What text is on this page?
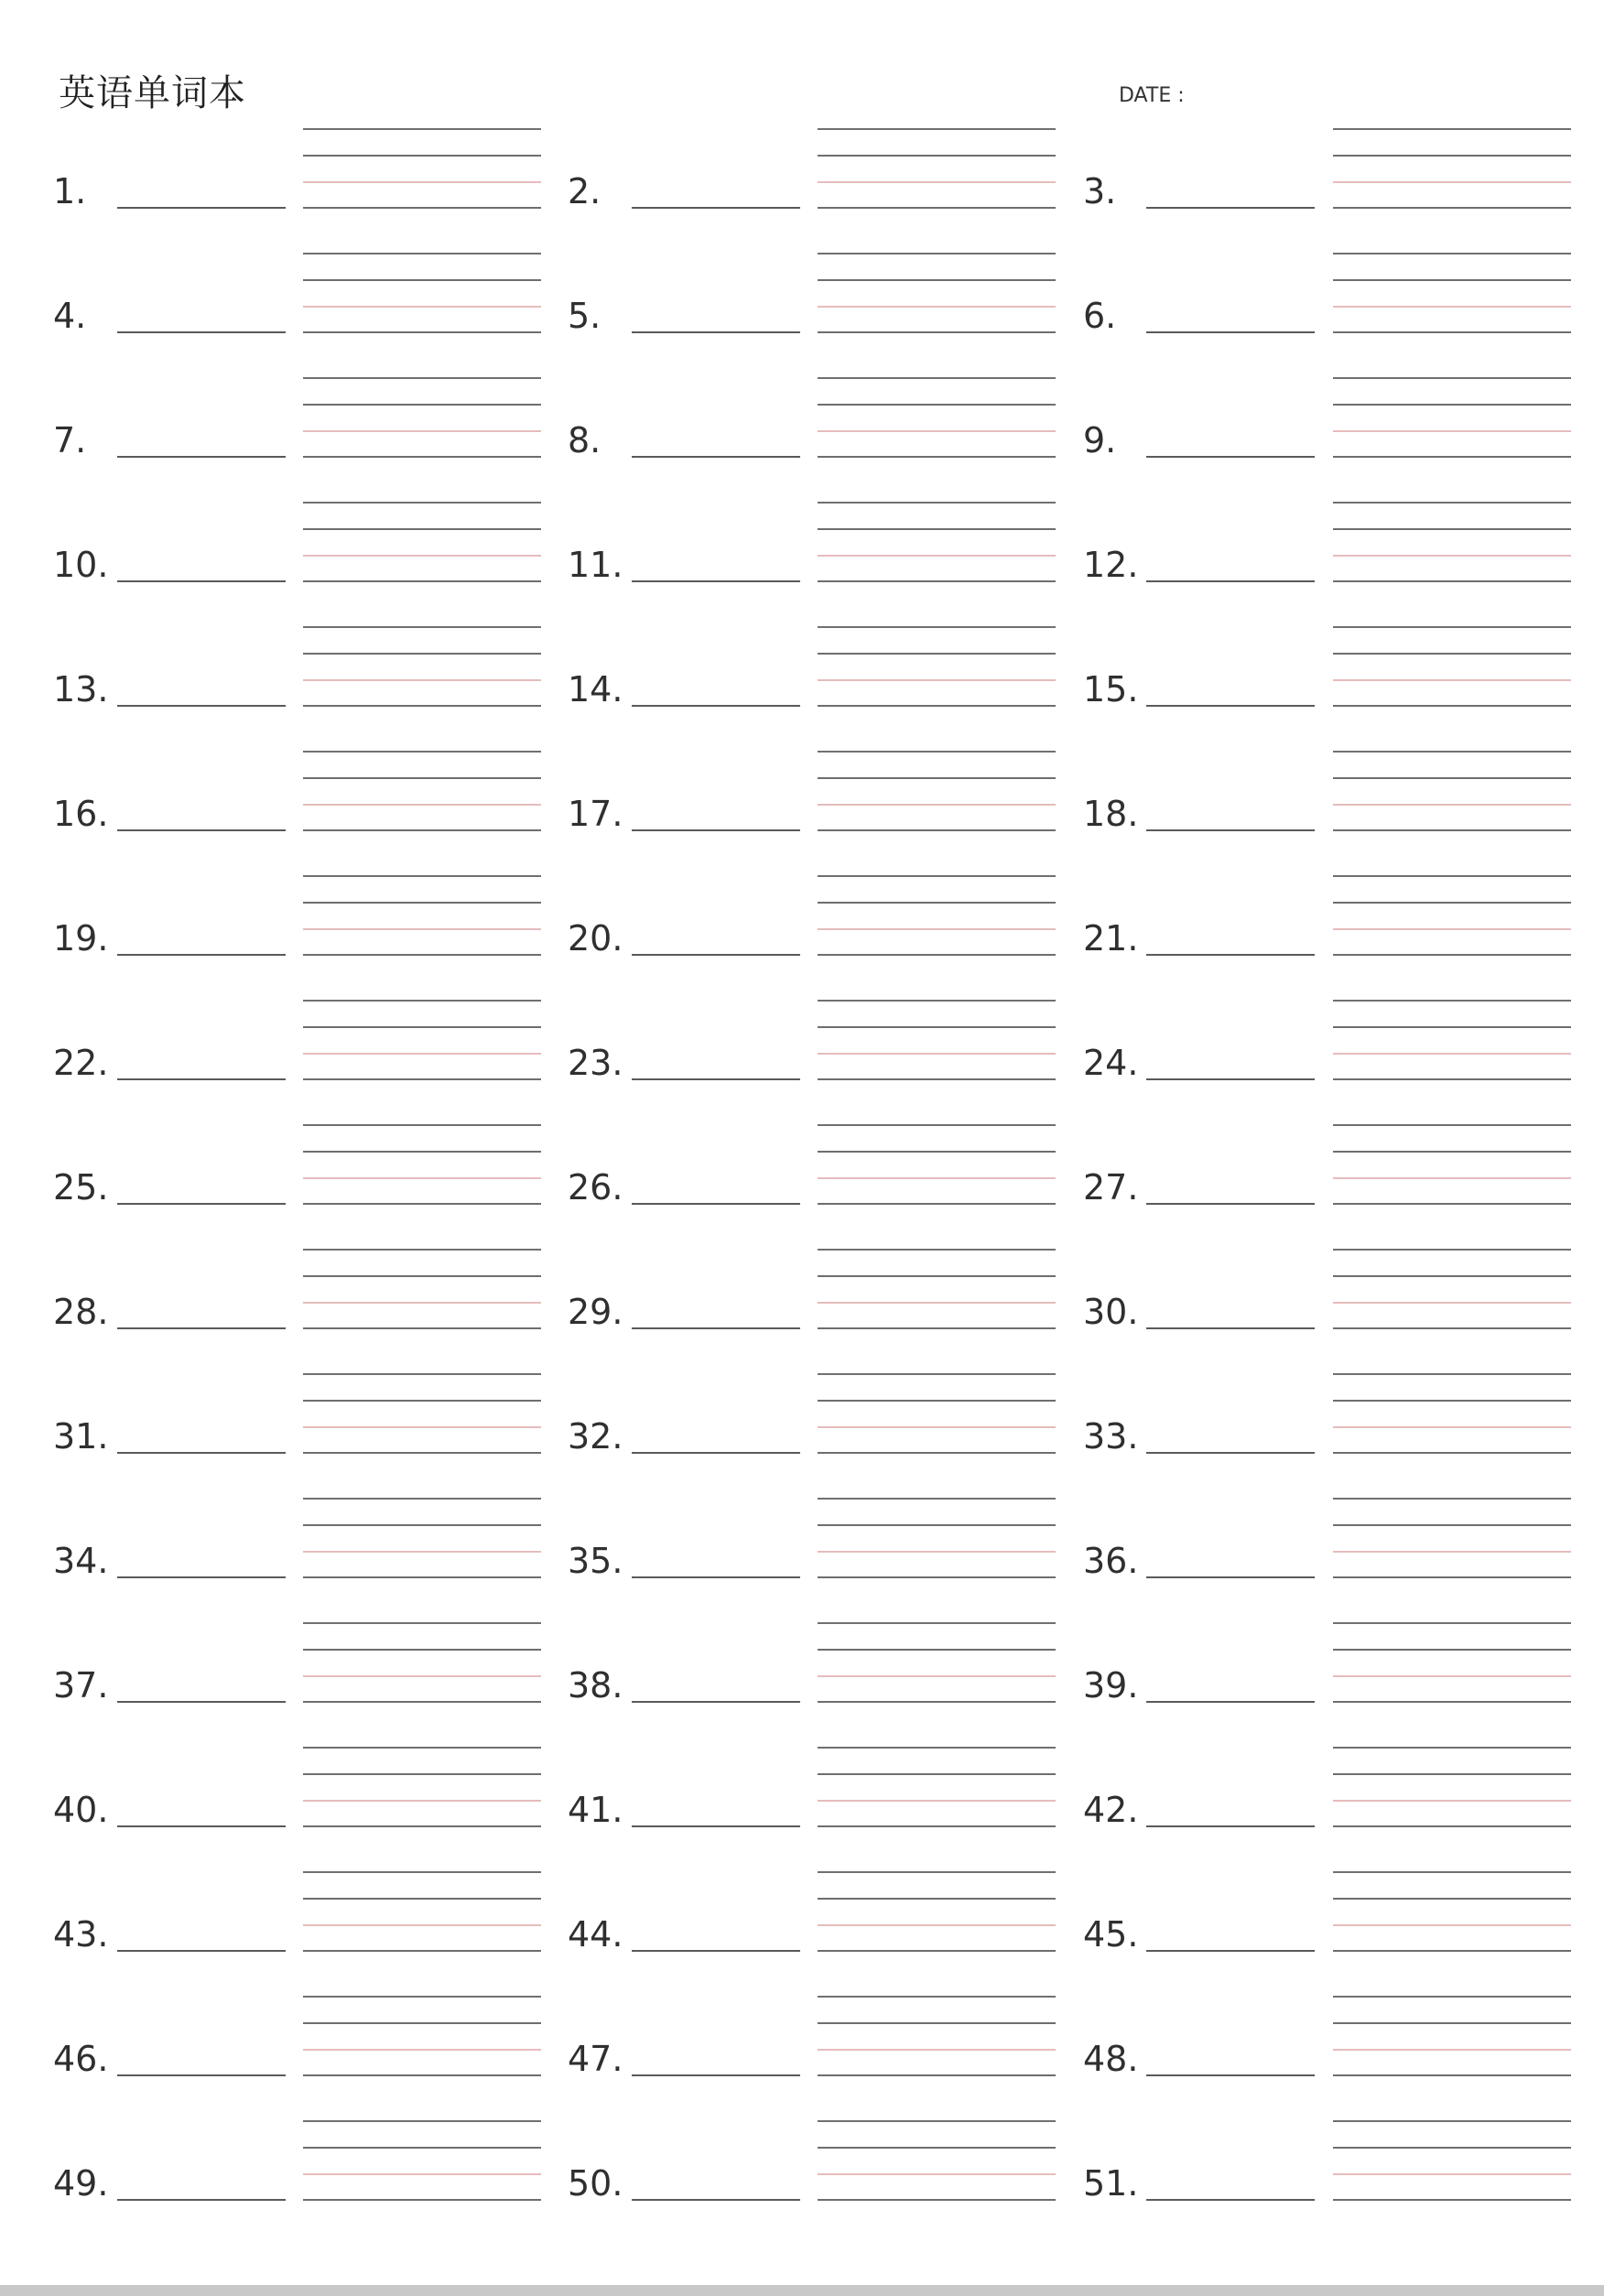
英语单词本	DATE :
1.	2.	3.
4.	5.	6.
7.	8.	9.
10.	11.	12.
13.	14.	15.
16.	17.	18.
19.	20.	21.
22.	23.	24.
25.	26.	27.
28.	29.	30.
31.	32.	33.
34.	35.	36.
37.	38.	39.
40.	41.	42.
43.	44.	45.
46.	47.	48.
49.	50.	51.
